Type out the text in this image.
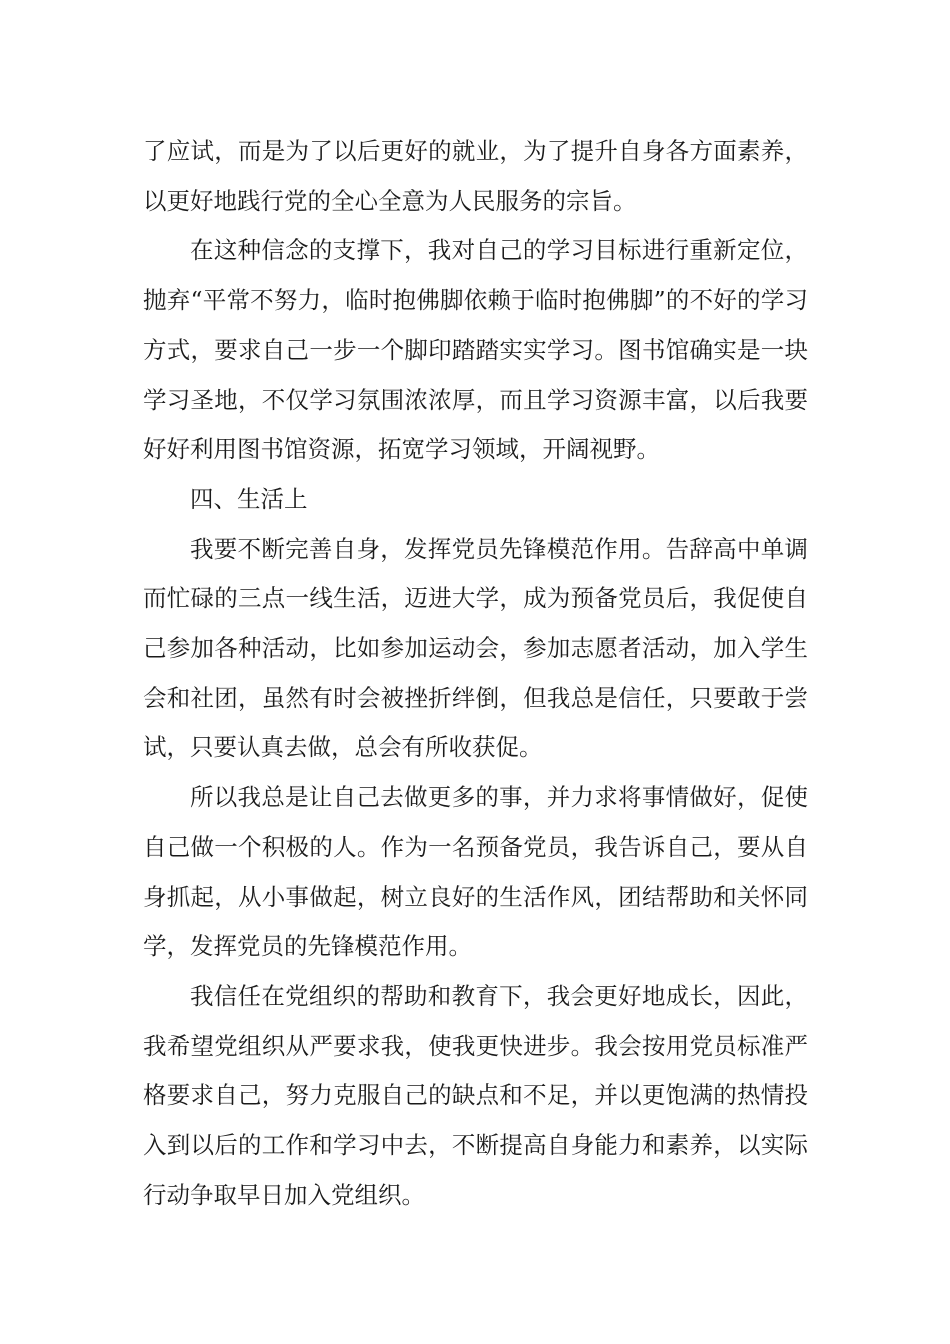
了应试，而是为了以后更好的就业，为了提升自身各方面素养，以更好地践行党的全心全意为人民服务的宗旨。

在这种信念的支撑下，我对自己的学习目标进行重新定位，抛弃“平常不努力，临时抱佛脚依赖于临时抱佛脚”的不好的学习方式，要求自己一步一个脚印踏踏实实学习。图书馆确实是一块学习圣地，不仅学习氛围浓浓厚，而且学习资源丰富，以后我要好好利用图书馆资源，拓宽学习领域，开阔视野。

四、生活上

我要不断完善自身，发挥党员先锋模范作用。告辞高中单调而忙碌的三点一线生活，迈进大学，成为预备党员后，我促使自己参加各种活动，比如参加运动会，参加志愿者活动，加入学生会和社团，虽然有时会被挫折绊倒，但我总是信任，只要敢于尝试，只要认真去做，总会有所收获促。

所以我总是让自己去做更多的事，并力求将事情做好，促使自己做一个积极的人。作为一名预备党员，我告诉自己，要从自身抓起，从小事做起，树立良好的生活作风，团结帮助和关怀同学，发挥党员的先锋模范作用。

我信任在党组织的帮助和教育下，我会更好地成长，因此，我希望党组织从严要求我，使我更快进步。我会按用党员标准严格要求自己，努力克服自己的缺点和不足，并以更饱满的热情投入到以后的工作和学习中去，不断提高自身能力和素养，以实际行动争取早日加入党组织。
